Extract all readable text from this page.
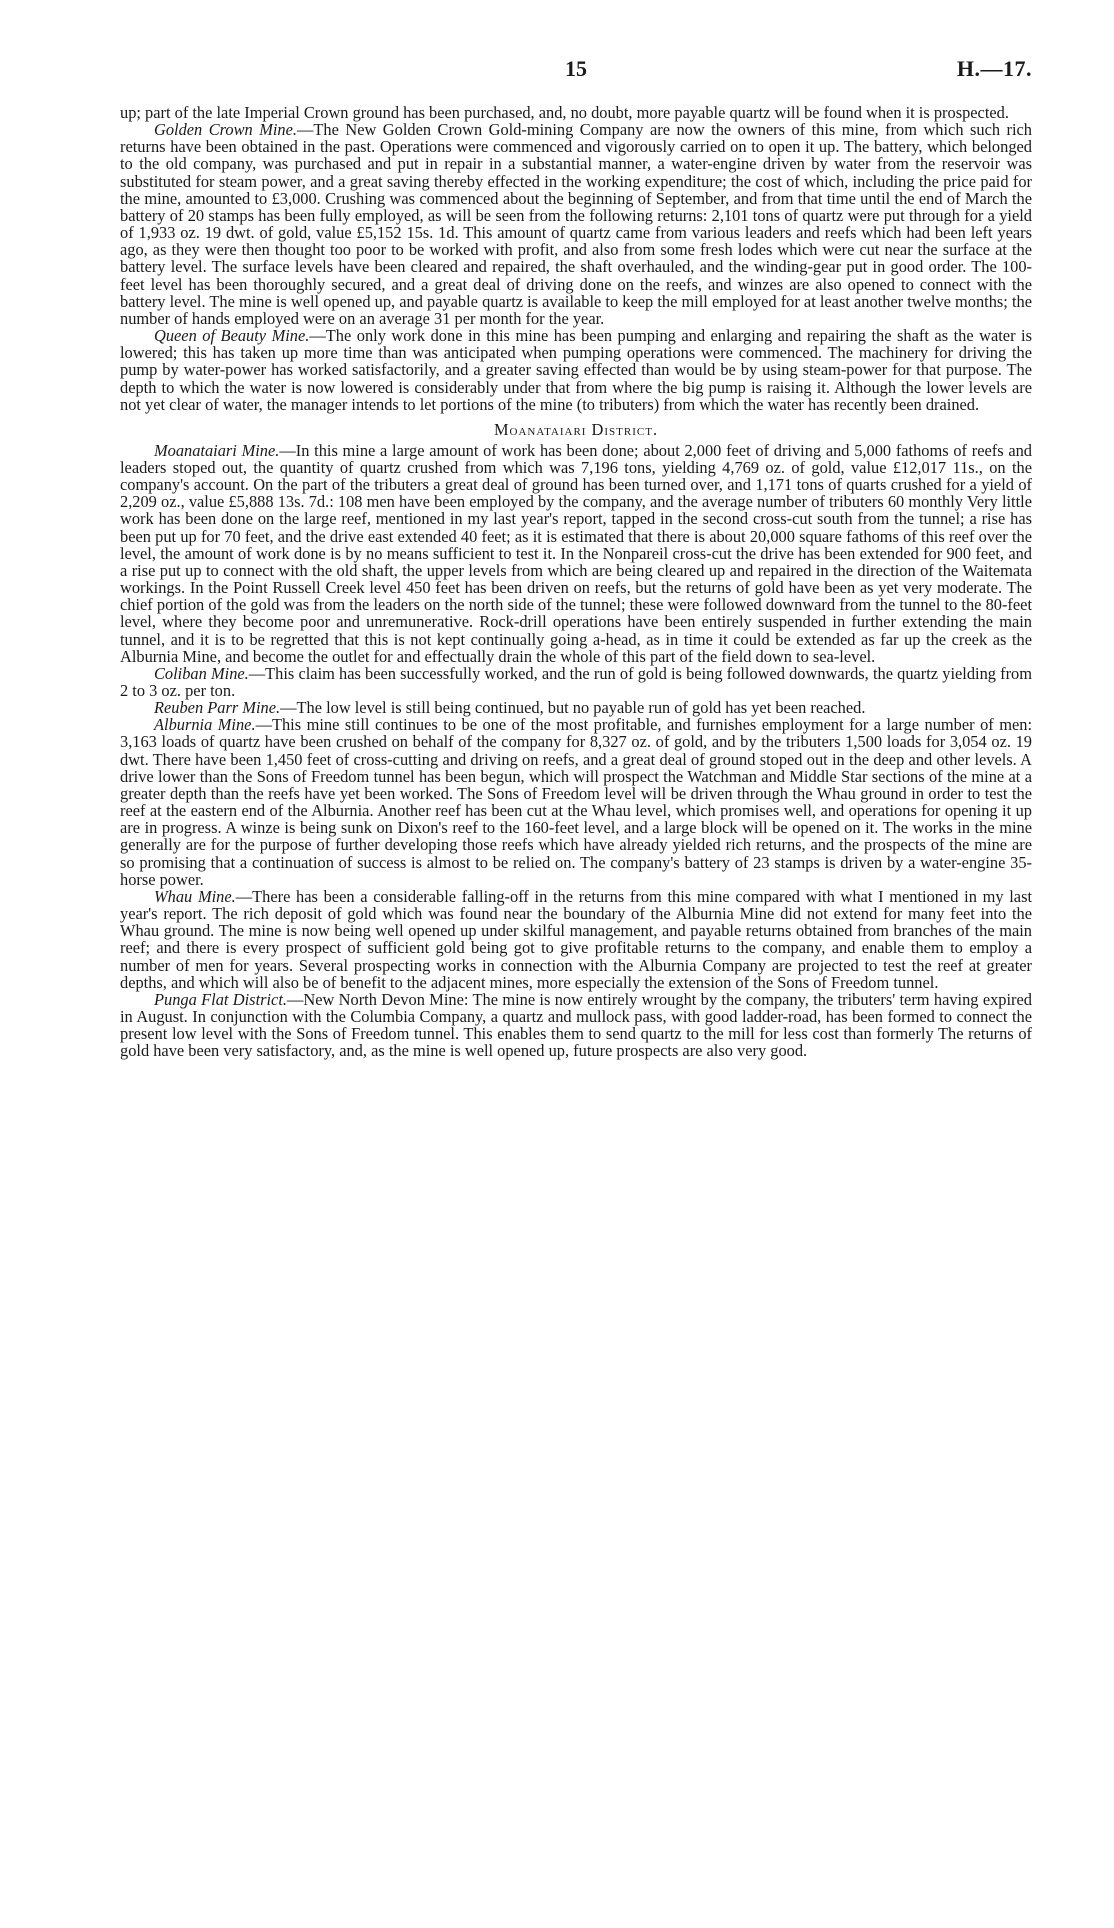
15	H.—17.

up; part of the late Imperial Crown ground has been purchased, and, no doubt, more payable quartz will be found when it is prospected.

Golden Crown Mine.—The New Golden Crown Gold-mining Company are now the owners of this mine, from which such rich returns have been obtained in the past. Operations were commenced and vigorously carried on to open it up. The battery, which belonged to the old company, was purchased and put in repair in a substantial manner, a water-engine driven by water from the reservoir was substituted for steam power, and a great saving thereby effected in the working expenditure; the cost of which, including the price paid for the mine, amounted to £3,000. Crushing was commenced about the beginning of September, and from that time until the end of March the battery of 20 stamps has been fully employed, as will be seen from the following returns: 2,101 tons of quartz were put through for a yield of 1,933 oz. 19 dwt. of gold, value £5,152 15s. 1d. This amount of quartz came from various leaders and reefs which had been left years ago, as they were then thought too poor to be worked with profit, and also from some fresh lodes which were cut near the surface at the battery level. The surface levels have been cleared and repaired, the shaft overhauled, and the winding-gear put in good order. The 100-feet level has been thoroughly secured, and a great deal of driving done on the reefs, and winzes are also opened to connect with the battery level. The mine is well opened up, and payable quartz is available to keep the mill employed for at least another twelve months; the number of hands employed were on an average 31 per month for the year.

Queen of Beauty Mine.—The only work done in this mine has been pumping and enlarging and repairing the shaft as the water is lowered; this has taken up more time than was anticipated when pumping operations were commenced. The machinery for driving the pump by water-power has worked satisfactorily, and a greater saving effected than would be by using steam-power for that purpose. The depth to which the water is now lowered is considerably under that from where the big pump is raising it. Although the lower levels are not yet clear of water, the manager intends to let portions of the mine (to tributers) from which the water has recently been drained.

Moanataiari District.

Moanataiari Mine.—In this mine a large amount of work has been done; about 2,000 feet of driving and 5,000 fathoms of reefs and leaders stoped out, the quantity of quartz crushed from which was 7,196 tons, yielding 4,769 oz. of gold, value £12,017 11s., on the company's account. On the part of the tributers a great deal of ground has been turned over, and 1,171 tons of quarts crushed for a yield of 2,209 oz., value £5,888 13s. 7d.: 108 men have been employed by the company, and the average number of tributers 60 monthly Very little work has been done on the large reef, mentioned in my last year's report, tapped in the second cross-cut south from the tunnel; a rise has been put up for 70 feet, and the drive east extended 40 feet; as it is estimated that there is about 20,000 square fathoms of this reef over the level, the amount of work done is by no means sufficient to test it. In the Nonpareil cross-cut the drive has been extended for 900 feet, and a rise put up to connect with the old shaft, the upper levels from which are being cleared up and repaired in the direction of the Waitemata workings. In the Point Russell Creek level 450 feet has been driven on reefs, but the returns of gold have been as yet very moderate. The chief portion of the gold was from the leaders on the north side of the tunnel; these were followed downward from the tunnel to the 80-feet level, where they become poor and unremunerative. Rock-drill operations have been entirely suspended in further extending the main tunnel, and it is to be regretted that this is not kept continually going a-head, as in time it could be extended as far up the creek as the Alburnia Mine, and become the outlet for and effectually drain the whole of this part of the field down to sea-level.

Coliban Mine.—This claim has been successfully worked, and the run of gold is being followed downwards, the quartz yielding from 2 to 3 oz. per ton.

Reuben Parr Mine.—The low level is still being continued, but no payable run of gold has yet been reached.

Alburnia Mine.—This mine still continues to be one of the most profitable, and furnishes employment for a large number of men: 3,163 loads of quartz have been crushed on behalf of the company for 8,327 oz. of gold, and by the tributers 1,500 loads for 3,054 oz. 19 dwt. There have been 1,450 feet of cross-cutting and driving on reefs, and a great deal of ground stoped out in the deep and other levels. A drive lower than the Sons of Freedom tunnel has been begun, which will prospect the Watchman and Middle Star sections of the mine at a greater depth than the reefs have yet been worked. The Sons of Freedom level will be driven through the Whau ground in order to test the reef at the eastern end of the Alburnia. Another reef has been cut at the Whau level, which promises well, and operations for opening it up are in progress. A winze is being sunk on Dixon's reef to the 160-feet level, and a large block will be opened on it. The works in the mine generally are for the purpose of further developing those reefs which have already yielded rich returns, and the prospects of the mine are so promising that a continuation of success is almost to be relied on. The company's battery of 23 stamps is driven by a water-engine 35-horse power.

Whau Mine.—There has been a considerable falling-off in the returns from this mine compared with what I mentioned in my last year's report. The rich deposit of gold which was found near the boundary of the Alburnia Mine did not extend for many feet into the Whau ground. The mine is now being well opened up under skilful management, and payable returns obtained from branches of the main reef; and there is every prospect of sufficient gold being got to give profitable returns to the company, and enable them to employ a number of men for years. Several prospecting works in connection with the Alburnia Company are projected to test the reef at greater depths, and which will also be of benefit to the adjacent mines, more especially the extension of the Sons of Freedom tunnel.

Punga Flat District.—New North Devon Mine: The mine is now entirely wrought by the company, the tributers' term having expired in August. In conjunction with the Columbia Company, a quartz and mullock pass, with good ladder-road, has been formed to connect the present low level with the Sons of Freedom tunnel. This enables them to send quartz to the mill for less cost than formerly The returns of gold have been very satisfactory, and, as the mine is well opened up, future prospects are also very good.
